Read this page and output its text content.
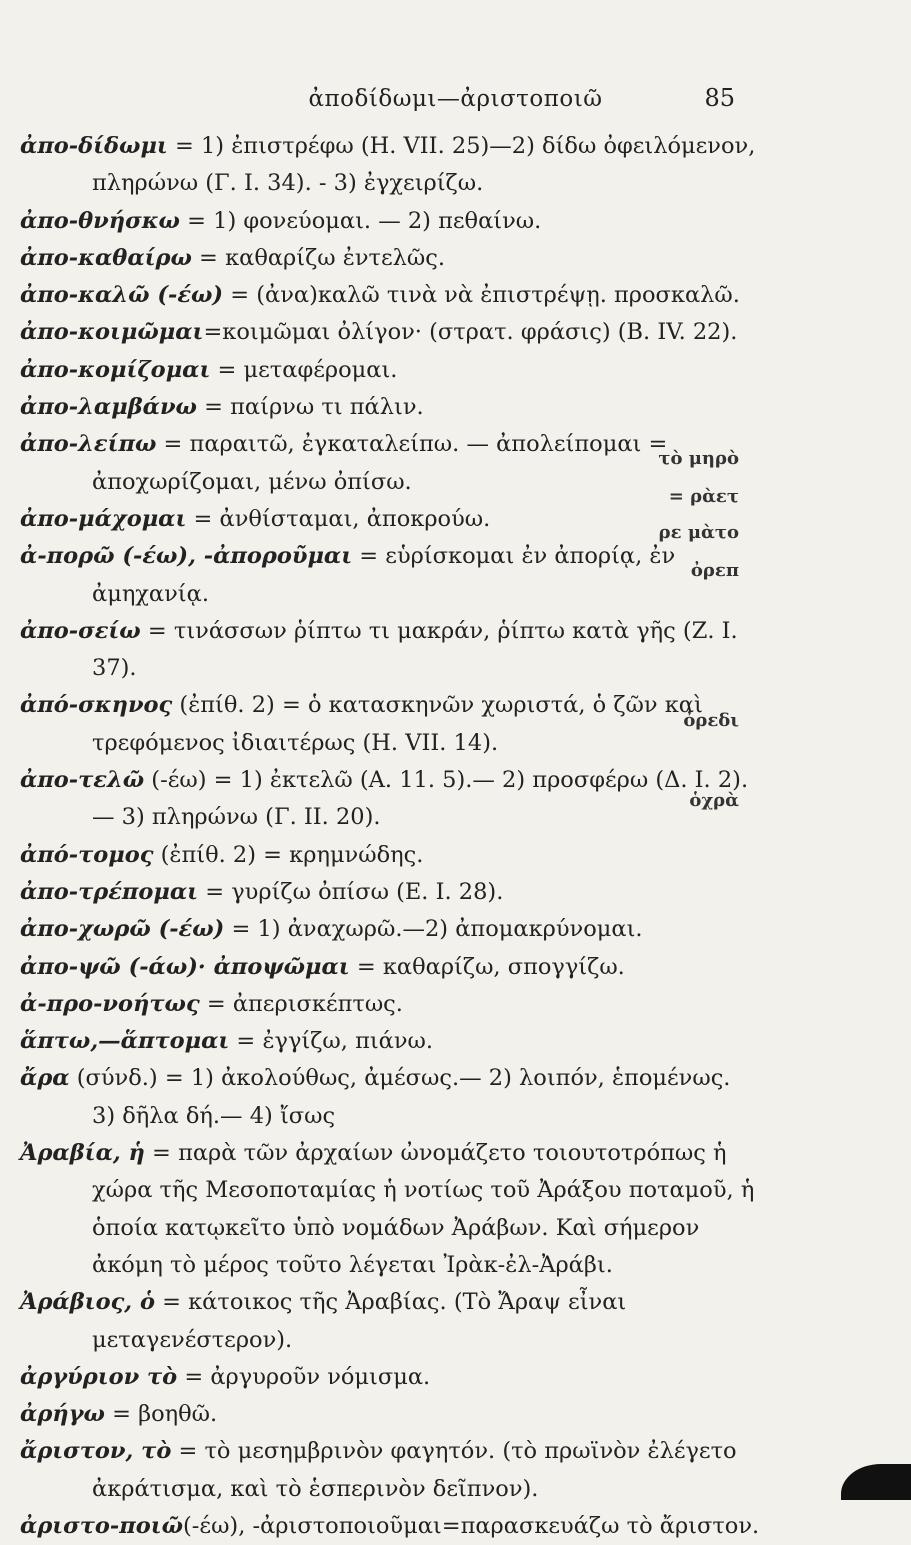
ἀποδίδωμι—ἀριστοποιῶ	85

ἀπο-δίδωμι = 1) ἐπιστρέφω (Η. VII. 25)—2) δίδω ὀφειλόμενον, πληρώνω (Γ. I. 34). - 3) ἐγχειρίζω.

ἀπο-θνήσκω = 1) φονεύομαι. — 2) πεθαίνω.

ἀπο-καθαίρω = καθαρίζω ἐντελῶς.

ἀπο-καλῶ (-έω) = (ἀνα)καλῶ τινὰ νὰ ἐπιστρέψῃ. προσκαλῶ.

ἀπο-κοιμῶμαι=κοιμῶμαι ὀλίγον· (στρατ. φράσις) (Β. IV. 22).

ἀπο-κομίζομαι = μεταφέρομαι.

ἀπο-λαμβάνω = παίρνω τι πάλιν.

ἀπο-λείπω = παραιτῶ, ἐγκαταλείπω. — ἀπολείπομαι = ἀποχωρίζομαι, μένω ὀπίσω.

ἀπο-μάχομαι = ἀνθίσταμαι, ἀποκρούω.

ἀ-πορῶ (-έω), -ἀποροῦμαι = εὑρίσκομαι ἐν ἀπορίᾳ, ἐν ἀμηχανίᾳ.

ἀπο-σείω = τινάσσων ῥίπτω τι μακράν, ῥίπτω κατὰ γῆς (Ζ. I. 37).

ἀπό-σκηνος (ἐπίθ. 2) = ὁ κατασκηνῶν χωριστά, ὁ ζῶν καὶ τρεφόμενος ἰδιαιτέρως (Η. VII. 14).

ἀπο-τελῶ (-έω) = 1) ἐκτελῶ (Α. 11. 5).— 2) προσφέρω (Δ. I. 2). — 3) πληρώνω (Γ. II. 20).

ἀπό-τομος (ἐπίθ. 2) = κρημνώδης.

ἀπο-τρέπομαι = γυρίζω ὀπίσω (Ε. I. 28).

ἀπο-χωρῶ (-έω) = 1) ἀναχωρῶ.—2) ἀπομακρύνομαι.

ἀπο-ψῶ (-άω)· ἀποψῶμαι = καθαρίζω, σπογγίζω.

ἀ-προ-νοήτως = ἀπερισκέπτως.

ἅπτω,—ἅπτομαι = ἐγγίζω, πιάνω.

ἄρα (σύνδ.) = 1) ἀκολούθως, ἀμέσως.— 2) λοιπόν, ἑπομένως. 3) δῆλα δή.— 4) ἴσως

Ἀραβία, ἡ = παρὰ τῶν ἀρχαίων ὠνομάζετο τοιουτοτρόπως ἡ χώρα τῆς Μεσοποταμίας ἡ νοτίως τοῦ Ἀράξου ποταμοῦ, ἡ ὁποία κατῳκεῖτο ὑπὸ νομάδων Ἀράβων. Καὶ σήμερον ἀκόμη τὸ μέρος τοῦτο λέγεται Ἰρὰκ-ἐλ-Ἀράβι.

Ἀράβιος, ὁ = κάτοικος τῆς Ἀραβίας. (Τὸ Ἄραψ εἶναι μεταγενέστερον).

ἀργύριον τὸ = ἀργυροῦν νόμισμα.

ἀρήγω = βοηθῶ.

ἄριστον, τὸ = τὸ μεσημβρινὸν φαγητόν. (τὸ πρωϊνὸν ἐλέγετο ἀκράτισμα, καὶ τὸ ἑσπερινὸν δεῖπνον).

ἀριστο-ποιῶ(-έω), -ἀριστοποιοῦμαι=παρασκευάζω τὸ ἄριστον.

τὸ μηρὸ
= ρὰετ
ρε μὰτο
ὀρεπ
ὀρεδι
ὁχρὰ
